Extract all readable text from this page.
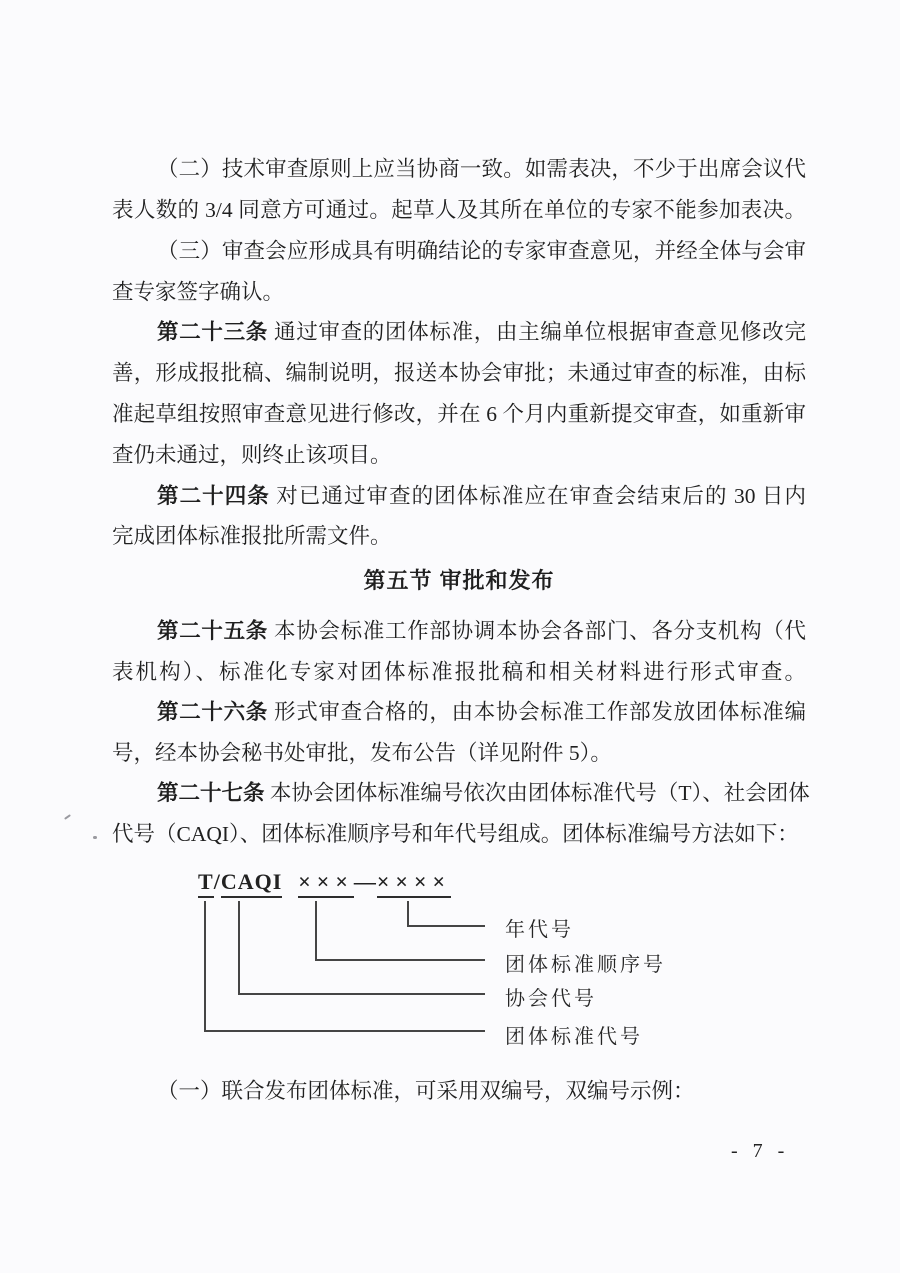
（二）技术审查原则上应当协商一致。如需表决，不少于出席会议代
表人数的 3/4 同意方可通过。起草人及其所在单位的专家不能参加表决。
（三）审查会应形成具有明确结论的专家审查意见，并经全体与会审
查专家签字确认。
第二十三条 通过审查的团体标准，由主编单位根据审查意见修改完
善，形成报批稿、编制说明，报送本协会审批；未通过审查的标准，由标
准起草组按照审查意见进行修改，并在 6 个月内重新提交审查，如重新审
查仍未通过，则终止该项目。
第二十四条 对已通过审查的团体标准应在审查会结束后的 30 日内
完成团体标准报批所需文件。
第五节 审批和发布
第二十五条 本协会标准工作部协调本协会各部门、各分支机构（代
表机构）、标准化专家对团体标准报批稿和相关材料进行形式审查。
第二十六条 形式审查合格的，由本协会标准工作部发放团体标准编
号，经本协会秘书处审批，发布公告（详见附件 5）。
第二十七条 本协会团体标准编号依次由团体标准代号（T）、社会团体
代号（CAQI）、团体标准顺序号和年代号组成。团体标准编号方法如下：
T/CAQI ×××—××××
年代号
团体标准顺序号
协会代号
团体标准代号
（一）联合发布团体标准，可采用双编号，双编号示例：
- 7 -
